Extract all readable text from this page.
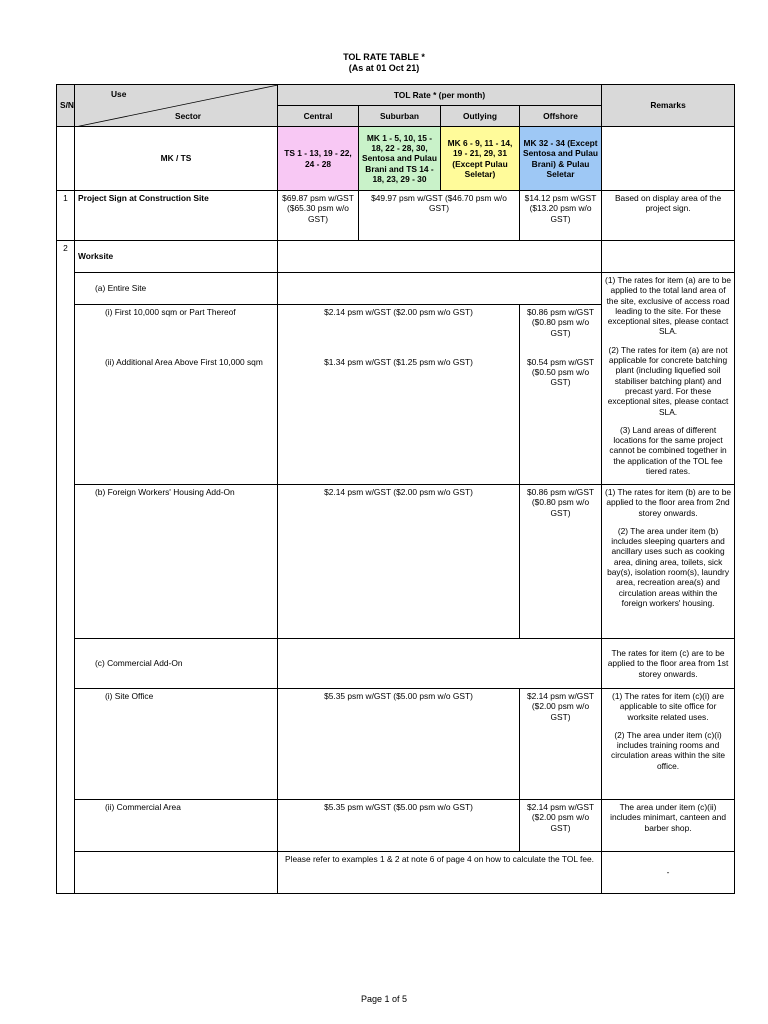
TOL RATE TABLE *
(As at 01 Oct 21)
S/N	Use
Sector	TOL Rate * (per month)				Remarks
		Central	Suburban	Outlying	Offshore	
	MK / TS	TS 1 - 13, 19 - 22, 24 - 28	MK 1 - 5, 10, 15 - 18, 22 - 28, 30, Sentosa and Pulau Brani and TS 14 - 18, 23, 29 - 30	MK 6 - 9, 11 - 14, 19 - 21, 29, 31 (Except Pulau Seletar)	MK 32 - 34 (Except Sentosa and Pulau Brani) & Pulau Seletar	
1	Project Sign at Construction Site	$69.87 psm w/GST ($65.30 psm w/o GST)	$49.97 psm w/GST ($46.70 psm w/o GST)		$14.12 psm w/GST ($13.20 psm w/o GST)	Based on display area of the project sign.
2	Worksite					
	(a) Entire Site					(1) The rates for item (a) are to be applied to the total land area of the site, exclusive of access road leading to the site. For these exceptional sites, please contact SLA.
(2) The rates for item (a) are not applicable for concrete batching plant (including liquefied soil stabiliser batching plant) and precast yard. For these exceptional sites, please contact SLA.
(3) Land areas of different locations for the same project cannot be combined together in the application of the TOL fee tiered rates.

	(i) First 10,000 sqm or Part Thereof	$2.14 psm w/GST ($2.00 psm w/o GST)			$0.86 psm w/GST ($0.80 psm w/o GST)	
	(ii) Additional Area Above First 10,000 sqm	$1.34 psm w/GST ($1.25 psm w/o GST)			$0.54 psm w/GST ($0.50 psm w/o GST)	
	(b) Foreign Workers' Housing Add-On	$2.14 psm w/GST ($2.00 psm w/o GST)			$0.86 psm w/GST ($0.80 psm w/o GST)	(1) The rates for item (b) are to be applied to the floor area from 2nd storey onwards.
(2) The area under item (b) includes sleeping quarters and ancillary uses such as cooking area, dining area, toilets, sick bay(s), isolation room(s), laundry area, recreation area(s) and circulation areas within the foreign workers' housing.

	(c) Commercial Add-On					The rates for item (c) are to be applied to the floor area from 1st storey onwards.
	(i) Site Office	$5.35 psm w/GST ($5.00 psm w/o GST)			$2.14 psm w/GST ($2.00 psm w/o GST)	(1) The rates for item (c)(i) are applicable to site office for worksite related uses.
(2) The area under item (c)(i) includes training rooms and circulation areas within the site office.

	(ii) Commercial Area	$5.35 psm w/GST ($5.00 psm w/o GST)			$2.14 psm w/GST ($2.00 psm w/o GST)	The area under item (c)(ii) includes minimart, canteen and barber shop.
		Please refer to examples 1 & 2 at note 6 of page 4 on how to calculate the TOL fee.				-
Page 1 of 5
